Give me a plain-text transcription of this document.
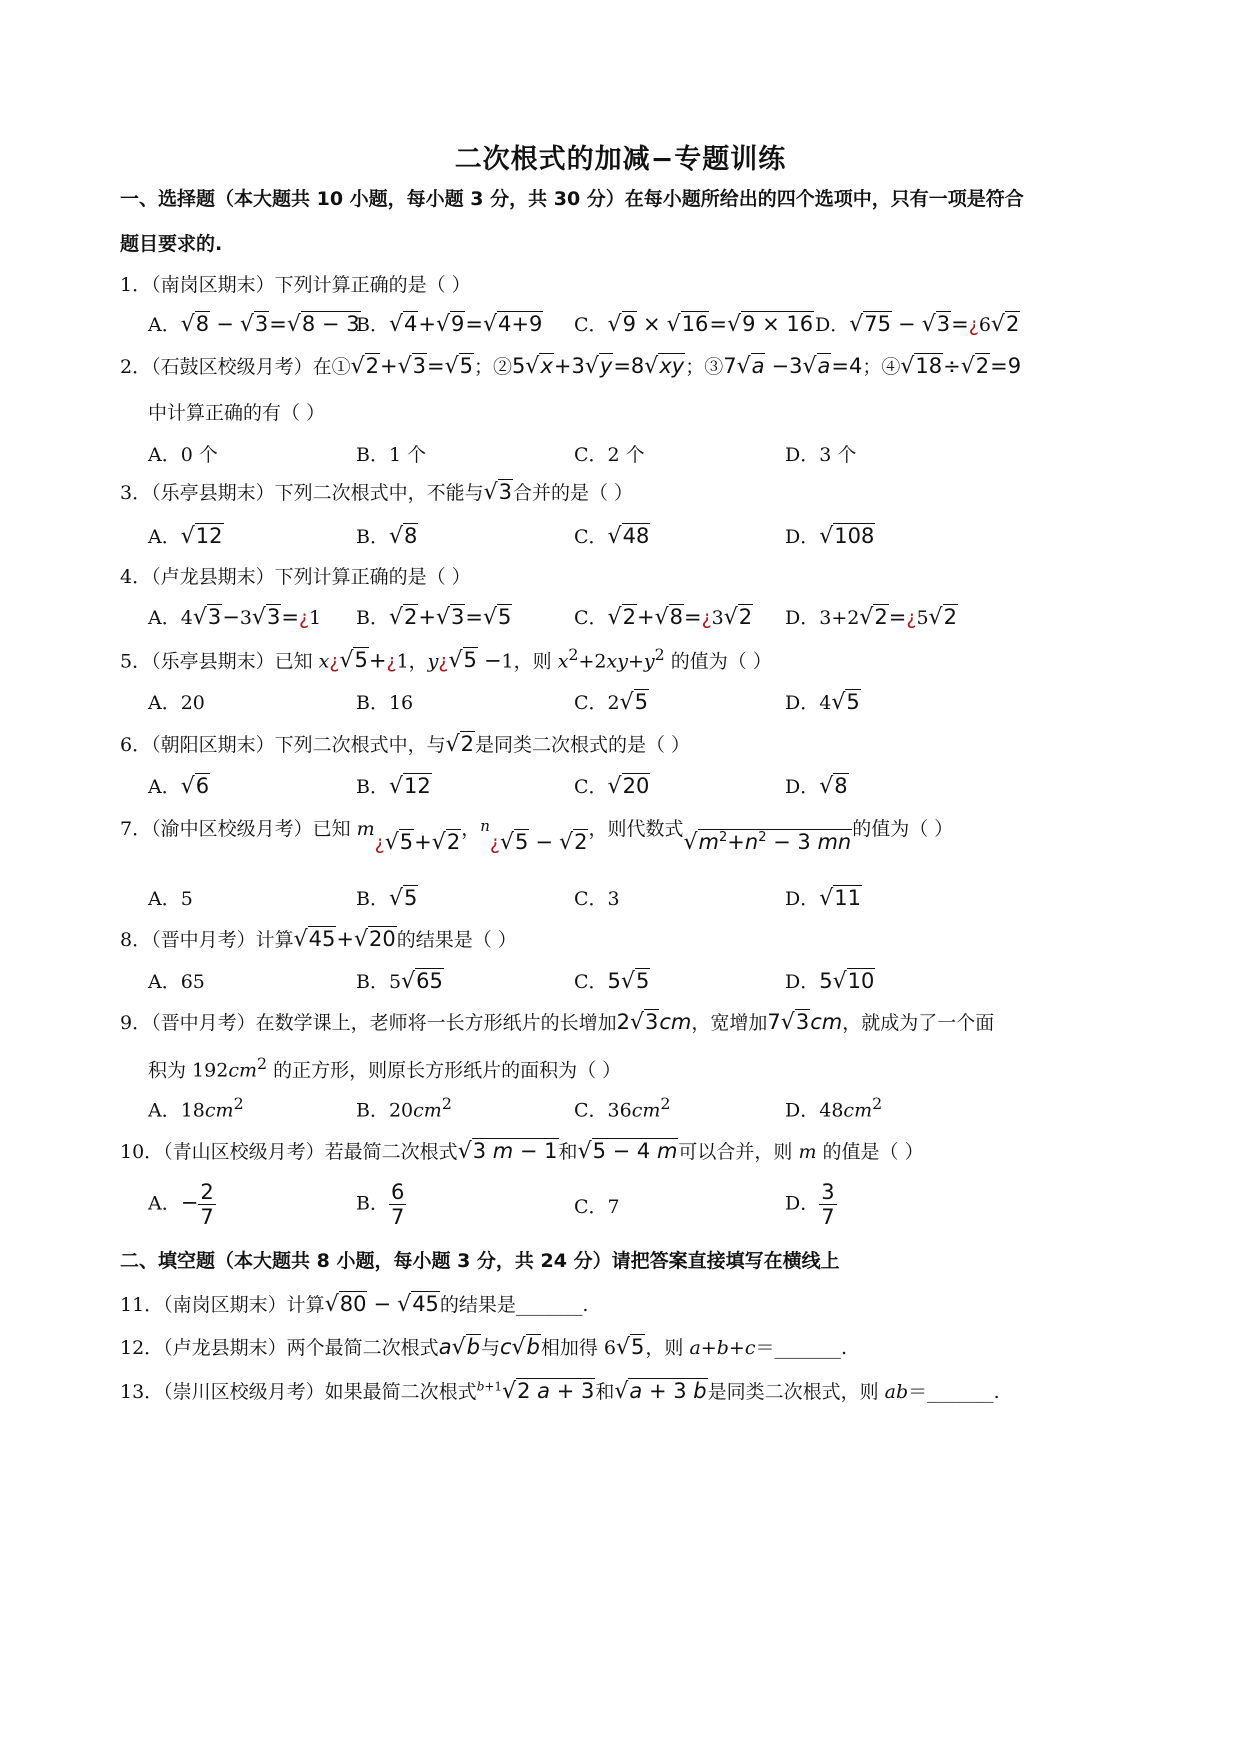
二次根式的加减−专题训练
一、选择题（本大题共 10 小题，每小题 3 分，共 30 分）在每小题所给出的四个选项中，只有一项是符合
题目要求的.
1．（南岗区期末）下列计算正确的是（ ）
A．√8 − √3=√8 − 3
B．√4+√9=√4+9 C．√9 × √16=√9 × 16 D．√75 − √3=¿6√2
2．（石鼓区校级月考）在①√2+√3=√5；②5√x+3√y=8√xy；③7√a −3√a=4；④√18÷√2=9
中计算正确的有（ ）
A．0 个	B．1 个	C．2 个	D．3 个
3．（乐亭县期末）下列二次根式中，不能与√3合并的是（ ）
A．√12	B．√8	C．√48	D．√108
4．（卢龙县期末）下列计算正确的是（ ）
A．4√3−3√3=¿1 B．√2+√3=√5	C．√2+√8=¿3√2 D．3+2√2=¿5√2
5．（乐亭县期末）已知 x¿√5+¿1，y¿√5 −1，则 $x^2+2xy+y^2$ 的值为（ ）
A．20	B．16	C．2√5	D．4√5
6．（朝阳区期末）下列二次根式中，与√2是同类二次根式的是（ ）
A．√6	B．√12	C．√20	D．√8
7．（渝中区校级月考）已知 m¿√5+√2，$^n$¿√5 − √2，则代数式$√m^2+n^2 - 3$ mn的值为（ ）
A．5	B．√5	C．3	D．√11
8．（晋中月考）计算√45+√20的结果是（ ）
A．65	B．5√65	C．5√5	D．5√10
9．（晋中月考）在数学课上，老师将一长方形纸片的长增加2√3cm，宽增加7√3cm，就成为了一个面
积为 $192cm^2$ 的正方形，则原长方形纸片的面积为（ ）
A．$18cm^2$	B．$20cm^2$	C．$36cm^2$	D．$48cm^2$
10．（青山区校级月考）若最简二次根式√3 m − 1和√5 − 4 m可以合并，则 m 的值是（ ）
A．− $\frac{2}{7}$	B． $\frac{6}{7}$	C．7	D． $\frac{3}{7}$
二、填空题（本大题共 8 小题，每小题 3 分，共 24 分）请把答案直接填写在横线上
11．（南岗区期末）计算√80 − √45的结果是_______.
12．（卢龙县期末）两个最简二次根式a√b与c√b相加得 6√5，则 a+b+c＝_______.
13．（崇川区校级月考）如果最简二次根式$^{b+1}$√2 a + 3和√a + 3 b是同类二次根式，则 ab＝_______.
